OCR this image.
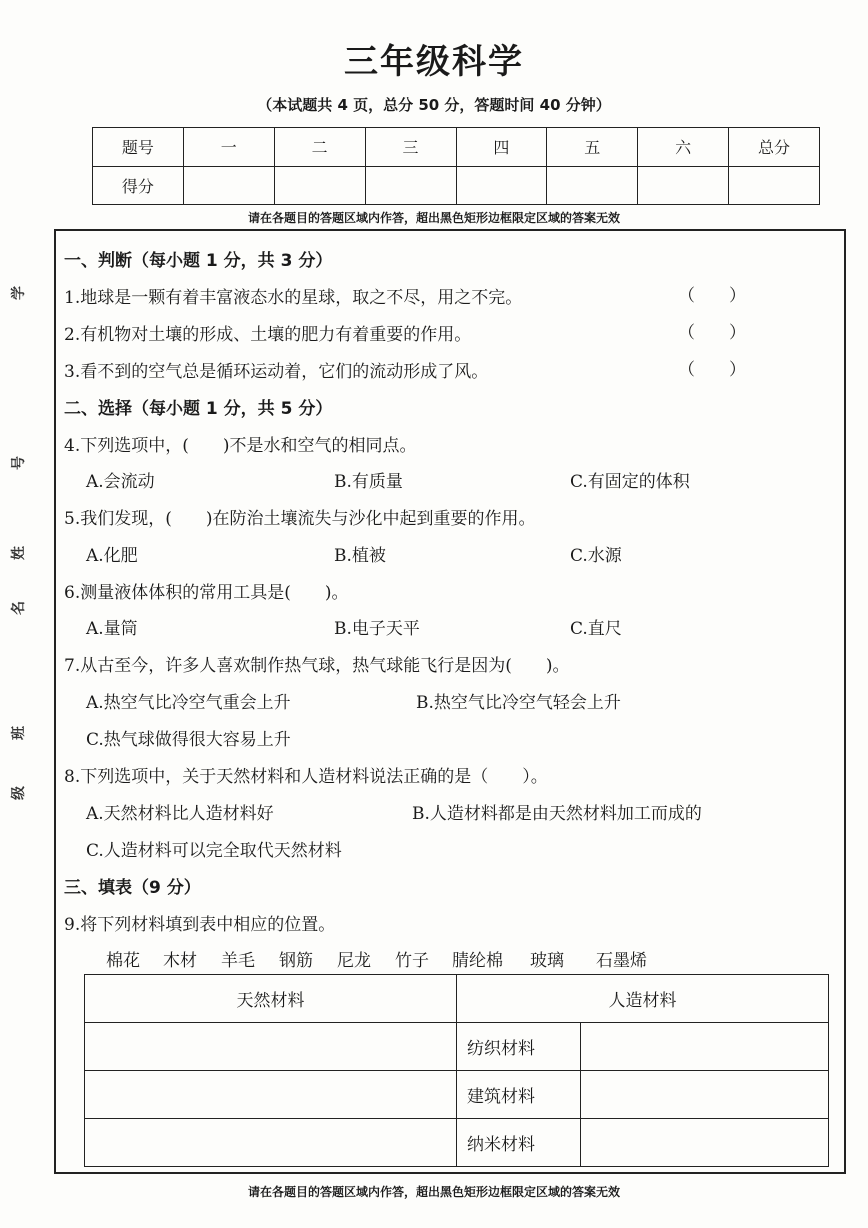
三年级科学
（本试题共 4 页，总分 50 分，答题时间 40 分钟）
题号	一	二	三	四	五	六	总分
得分							
请在各题目的答题区域内作答，超出黑色矩形边框限定区域的答案无效
学
号
姓
名
班
级
一、判断（每小题 1 分，共 3 分）
1.地球是一颗有着丰富液态水的星球，取之不尽，用之不完。	（　　）
2.有机物对土壤的形成、土壤的肥力有着重要的作用。	（　　）
3.看不到的空气总是循环运动着，它们的流动形成了风。	（　　）
二、选择（每小题 1 分，共 5 分）
4.下列选项中，(　　)不是水和空气的相同点。
A.会流动	B.有质量	C.有固定的体积
5.我们发现，(　　)在防治土壤流失与沙化中起到重要的作用。
A.化肥	B.植被	C.水源
6.测量液体体积的常用工具是(　　)。
A.量筒	B.电子天平	C.直尺
7.从古至今，许多人喜欢制作热气球，热气球能飞行是因为(　　)。
A.热空气比冷空气重会上升	B.热空气比冷空气轻会上升
C.热气球做得很大容易上升
8.下列选项中，关于天然材料和人造材料说法正确的是（　　）。
A.天然材料比人造材料好	B.人造材料都是由天然材料加工而成的
C.人造材料可以完全取代天然材料
三、填表（9 分）
9.将下列材料填到表中相应的位置。
棉花 木材 羊毛 钢筋 尼龙 竹子 腈纶棉 玻璃 石墨烯
天然材料	人造材料	
	纺织材料	
	建筑材料	
	纳米材料	
请在各题目的答题区域内作答，超出黑色矩形边框限定区域的答案无效
